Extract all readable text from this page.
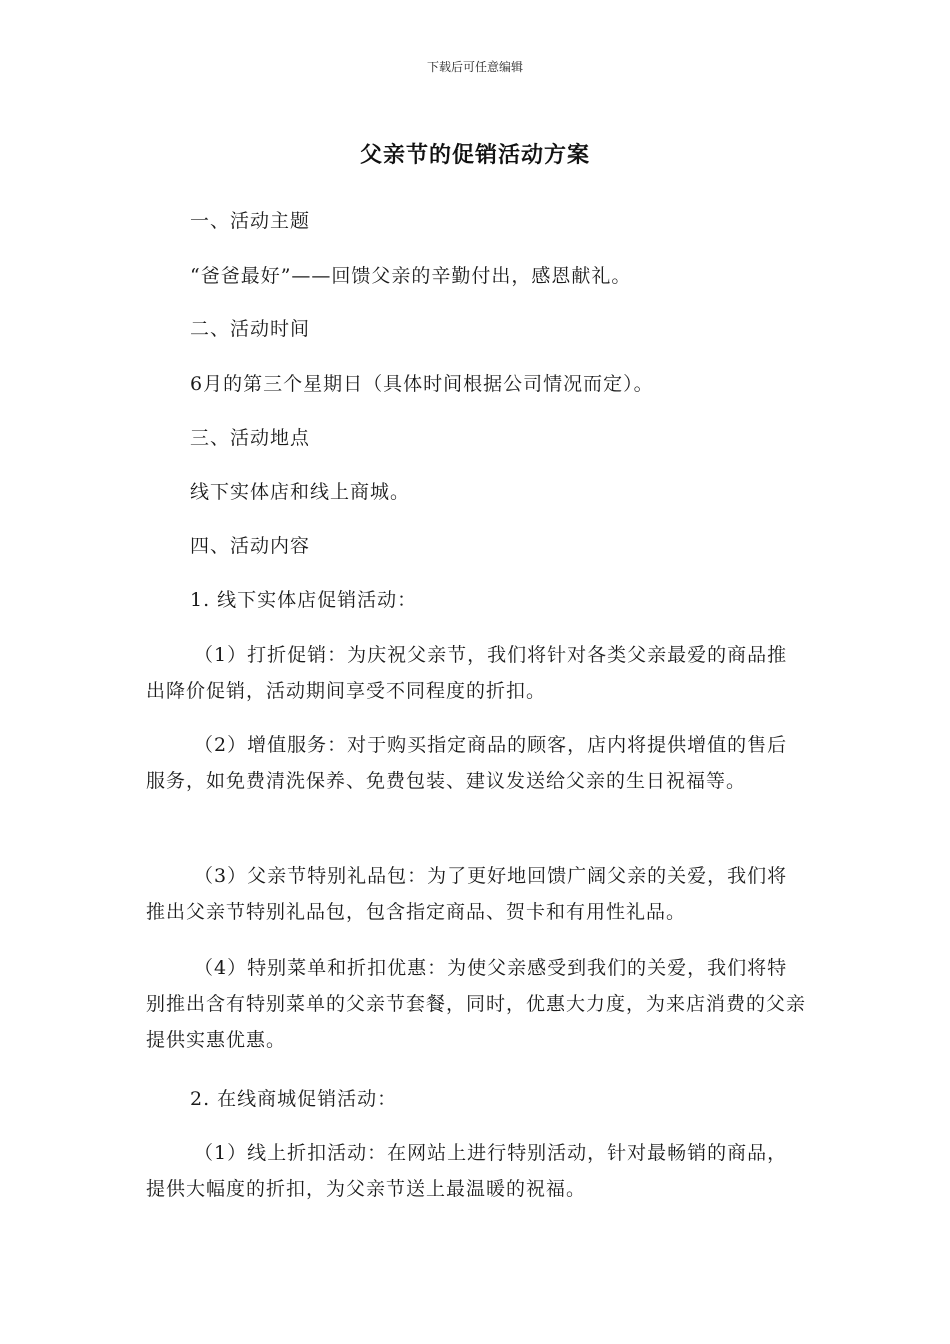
下载后可任意编辑
父亲节的促销活动方案
一、活动主题
“爸爸最好”——回馈父亲的辛勤付出，感恩献礼。
二、活动时间
6月的第三个星期日（具体时间根据公司情况而定）。
三、活动地点
线下实体店和线上商城。
四、活动内容
1. 线下实体店促销活动：

（1）打折促销：为庆祝父亲节，我们将针对各类父亲最爱的商品推出降价促销，活动期间享受不同程度的折扣。

（2）增值服务：对于购买指定商品的顾客，店内将提供增值的售后服务，如免费清洗保养、免费包装、建议发送给父亲的生日祝福等。

（3）父亲节特别礼品包：为了更好地回馈广阔父亲的关爱，我们将推出父亲节特别礼品包，包含指定商品、贺卡和有用性礼品。

（4）特别菜单和折扣优惠：为使父亲感受到我们的关爱，我们将特别推出含有特别菜单的父亲节套餐，同时，优惠大力度，为来店消费的父亲提供实惠优惠。

2. 在线商城促销活动：

（1）线上折扣活动：在网站上进行特别活动，针对最畅销的商品，提供大幅度的折扣，为父亲节送上最温暖的祝福。
